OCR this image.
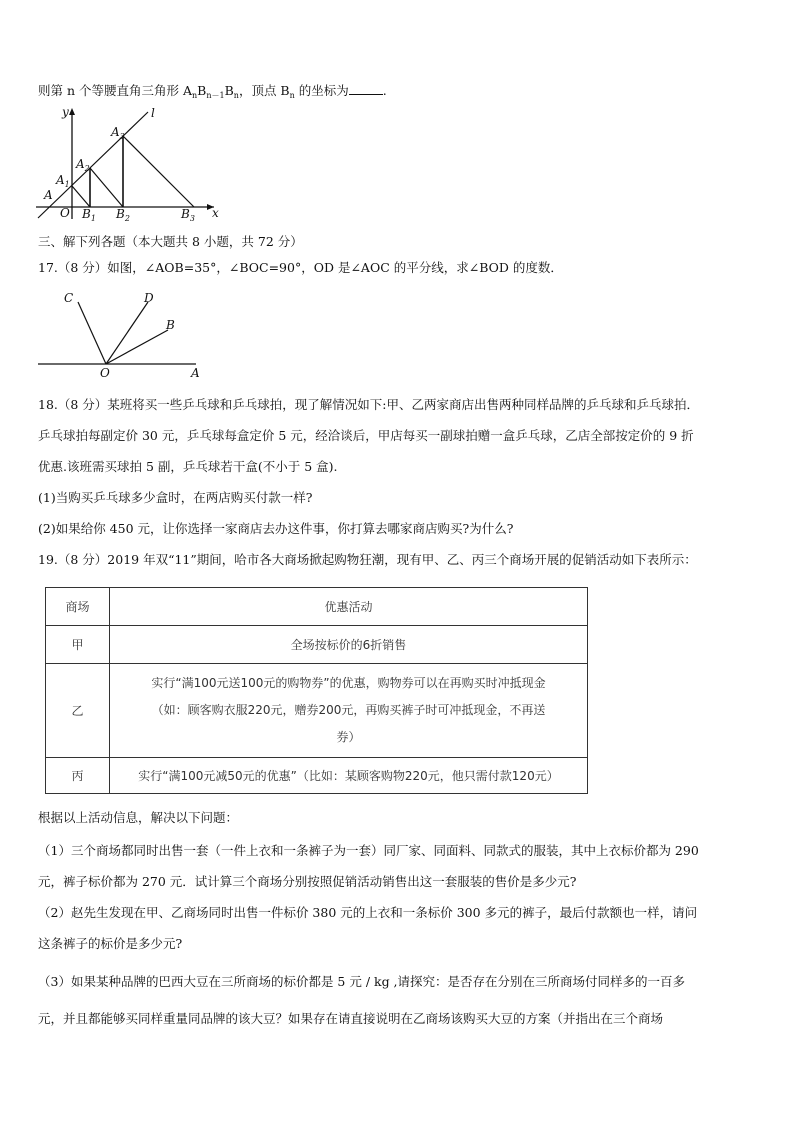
则第 n 个等腰直角三角形 $A_nB_{n-1}B_n$，顶点 $B_n$ 的坐标为	.
y	l
x
A
O
$A_1$
$A_2$
$A_3$
$B_1$ $B_2$	$B_3$
三、解下列各题（本大题共 8 小题，共 72 分）
17.（8 分）如图，∠AOB=35°，∠BOC=90°，OD 是∠AOC 的平分线，求∠BOD 的度数．
C	D
B
O	A
18.（8 分）某班将买一些乒乓球和乒乓球拍，现了解情况如下:甲、乙两家商店出售两种同样品牌的乒乓球和乒乓球拍．
乒乓球拍每副定价 30 元，乒乓球每盒定价 5 元，经洽谈后，甲店每买一副球拍赠一盒乒乓球，乙店全部按定价的 9 折
优惠.该班需买球拍 5 副，乒乓球若干盒(不小于 5 盒).
(1)当购买乒乓球多少盒时，在两店购买付款一样?
(2)如果给你 450 元，让你选择一家商店去办这件事，你打算去哪家商店购买?为什么?
19.（8 分）2019 年双“11”期间，哈市各大商场掀起购物狂潮，现有甲、乙、丙三个商场开展的促销活动如下表所示：
商场	优惠活动
甲	全场按标价的6折销售
乙	实行“满100元送100元的购物券”的优惠，购物券可以在再购买时冲抵现金
（如：顾客购衣服220元，赠券200元，再购买裤子时可冲抵现金，不再送
券）

丙	实行“满100元减50元的优惠”（比如：某顾客购物220元，他只需付款120元）
根据以上活动信息，解决以下问题：
（1）三个商场都同时出售一套（一件上衣和一条裤子为一套）同厂家、同面料、同款式的服装，其中上衣标价都为 290
元，裤子标价都为 270 元．试计算三个商场分别按照促销活动销售出这一套服装的售价是多少元?
（2）赵先生发现在甲、乙商场同时出售一件标价 380 元的上衣和一条标价 300 多元的裤子，最后付款额也一样，请问
这条裤子的标价是多少元?
（3）如果某种品牌的巴西大豆在三所商场的标价都是 5 元 / kg ,请探究：是否存在分别在三所商场付同样多的一百多
元，并且都能够买同样重量同品牌的该大豆？如果存在请直接说明在乙商场该购买大豆的方案（并指出在三个商场
